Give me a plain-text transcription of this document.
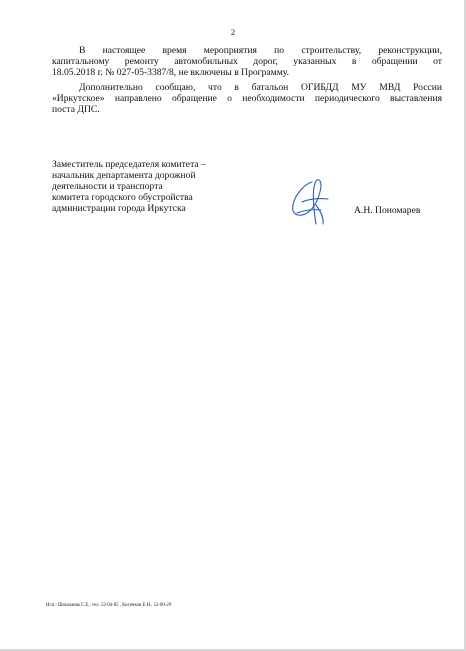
2
В настоящее время мероприятия по строительству, реконструкции,
капитальному ремонту автомобильных дорог, указанных в обращении от
18.05.2018 г. № 027-05-3387/8, не включены в Программу.
Дополнительно сообщаю, что в батальон ОГИБДД МУ МВД России
«Иркутское» направлено обращение о необходимости периодического выставления
поста ДПС.
Заместитель председателя комитета –
начальник департамента дорожной
деятельности и транспорта
комитета городского обустройства
администрации города Иркутска	А.Н. Пономарев
Исп.: Шошлаева С.Е., тел. 52-04-85 , Косенков Е.Н., 52-00-29
